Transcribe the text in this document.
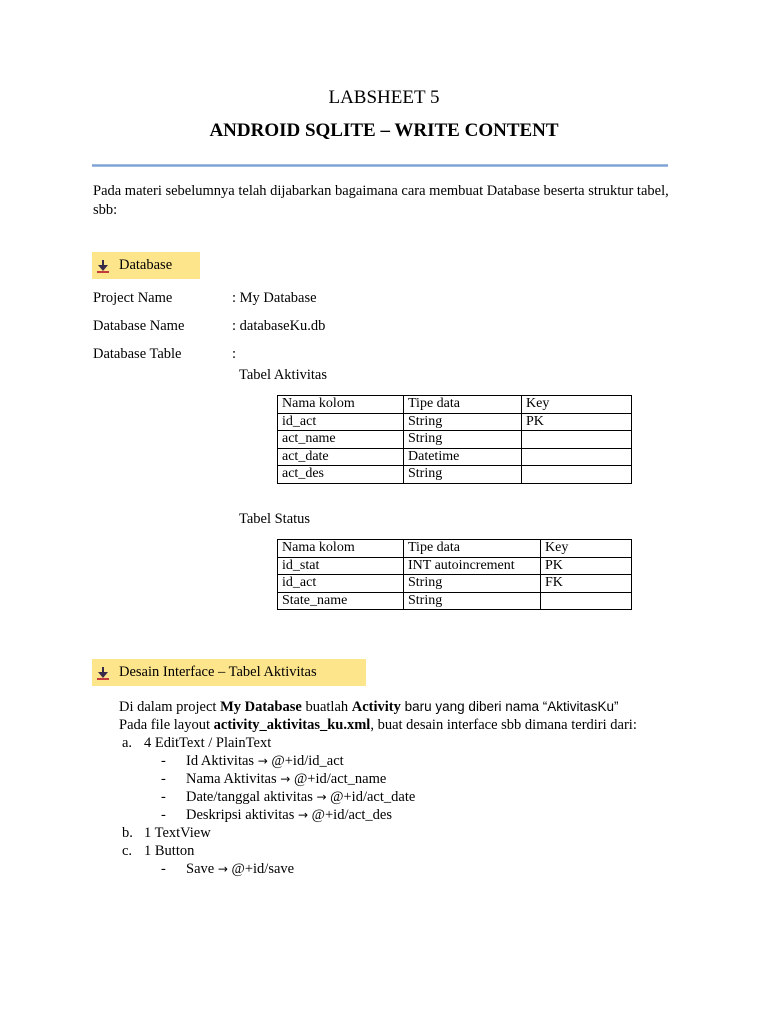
LABSHEET 5
ANDROID SQLITE – WRITE CONTENT
Pada materi sebelumnya telah dijabarkan bagaimana cara membuat Database beserta struktur tabel, sbb:
Database
Project Name	: My Database
Database Name	: databaseKu.db
Database Table	:
Tabel Aktivitas
Nama kolom	Tipe data	Key
id_act	String	PK
act_name	String	
act_date	Datetime	
act_des	String	
Tabel Status
Nama kolom	Tipe data	Key
id_stat	INT autoincrement	PK
id_act	String	FK
State_name	String	
Desain Interface – Tabel Aktivitas
Di dalam project My Database buatlah Activity baru yang diberi nama “AktivitasKu”
Pada file layout activity_aktivitas_ku.xml, buat desain interface sbb dimana terdiri dari:
a. 4 EditText / PlainText
-	Id Aktivitas
→
@+id/id_act
-	Nama Aktivitas
→
@+id/act_name
-	Date/tanggal aktivitas
→
@+id/act_date
-	Deskripsi aktivitas
→
@+id/act_des
b. 1 TextView
c. 1 Button
-	Save
→
@+id/save
